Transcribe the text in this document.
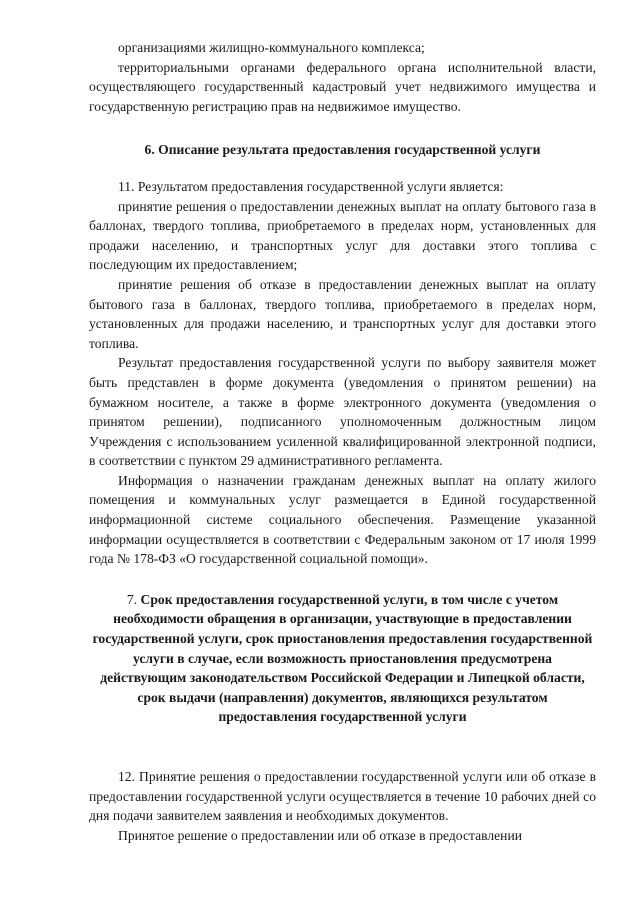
организациями жилищно-коммунального комплекса;

территориальными органами федерального органа исполнительной власти, осуществляющего государственный кадастровый учет недвижимого имущества и государственную регистрацию прав на недвижимое имущество.

6. Описание результата предоставления государственной услуги

11. Результатом предоставления государственной услуги является:

принятие решения о предоставлении денежных выплат на оплату бытового газа в баллонах, твердого топлива, приобретаемого в пределах норм, установленных для продажи населению, и транспортных услуг для доставки этого топлива с последующим их предоставлением;

принятие решения об отказе в предоставлении денежных выплат на оплату бытового газа в баллонах, твердого топлива, приобретаемого в пределах норм, установленных для продажи населению, и транспортных услуг для доставки этого топлива.

Результат предоставления государственной услуги по выбору заявителя может быть представлен в форме документа (уведомления о принятом решении) на бумажном носителе, а также в форме электронного документа (уведомления о принятом решении), подписанного уполномоченным должностным лицом Учреждения с использованием усиленной квалифицированной электронной подписи, в соответствии с пунктом 29 административного регламента.

Информация о назначении гражданам денежных выплат на оплату жилого помещения и коммунальных услуг размещается в Единой государственной информационной системе социального обеспечения. Размещение указанной информации осуществляется в соответствии с Федеральным законом от 17 июля 1999 года № 178-ФЗ «О государственной социальной помощи».

7. Срок предоставления государственной услуги, в том числе с учетом необходимости обращения в организации, участвующие в предоставлении государственной услуги, срок приостановления предоставления государственной услуги в случае, если возможность приостановления предусмотрена действующим законодательством Российской Федерации и Липецкой области, срок выдачи (направления) документов, являющихся результатом предоставления государственной услуги

12. Принятие решения о предоставлении государственной услуги или об отказе в предоставлении государственной услуги осуществляется в течение 10 рабочих дней со дня подачи заявителем заявления и необходимых документов.

Принятое решение о предоставлении или об отказе в предоставлении
